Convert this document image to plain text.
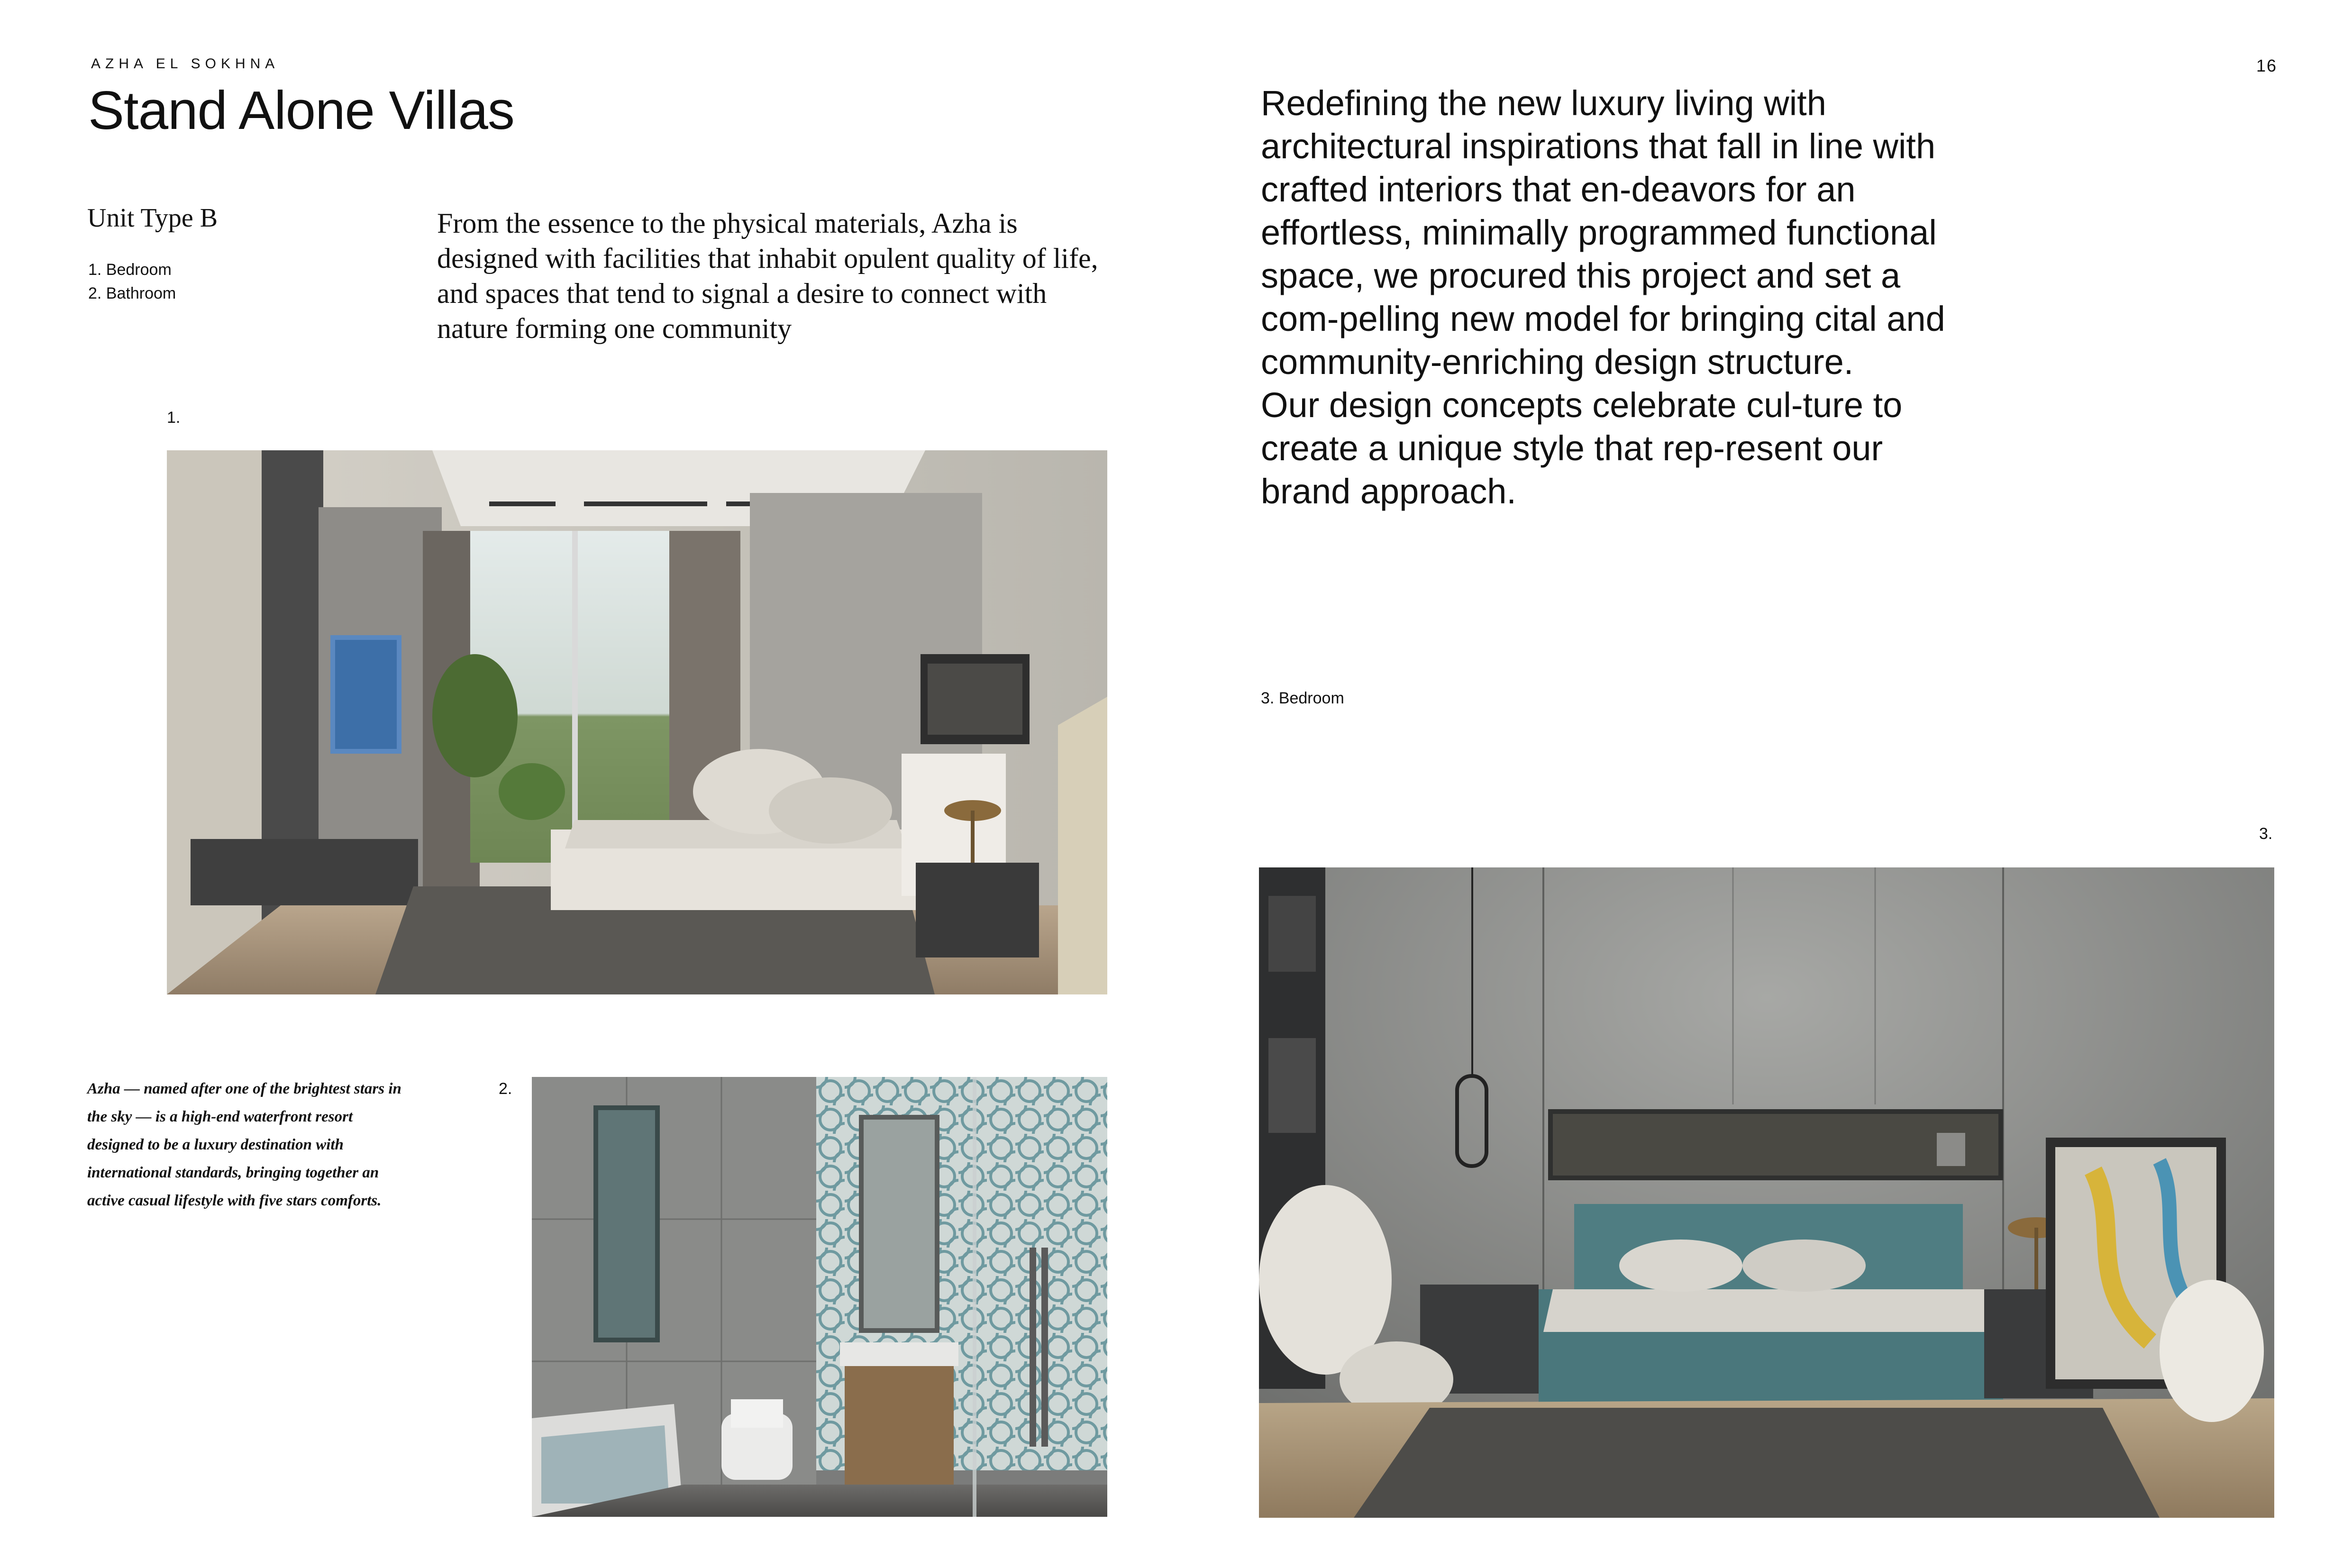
AZHA EL SOKHNA	16
Stand Alone Villas
Unit Type B
1. Bedroom
2. Bathroom

From the essence to the physical materials, Azha is designed with facilities that inhabit opulent quality of life, and spaces that tend to signal a desire to connect with nature forming one community

Redefining the new luxury living with architectural inspirations that fall in line with crafted interiors that en-deavors for an effortless, minimally programmed functional space, we procured this project and set a com-pelling new model for bringing cital and community-enriching design structure.

Our design concepts celebrate cul-ture to create a unique style that rep-resent our brand approach.

1.
2.
3. Bedroom
3.

Azha — named after one of the brightest stars in the sky — is a high-end waterfront resort designed to be a luxury destination with international standards, bringing together an active casual lifestyle with five stars comforts.
